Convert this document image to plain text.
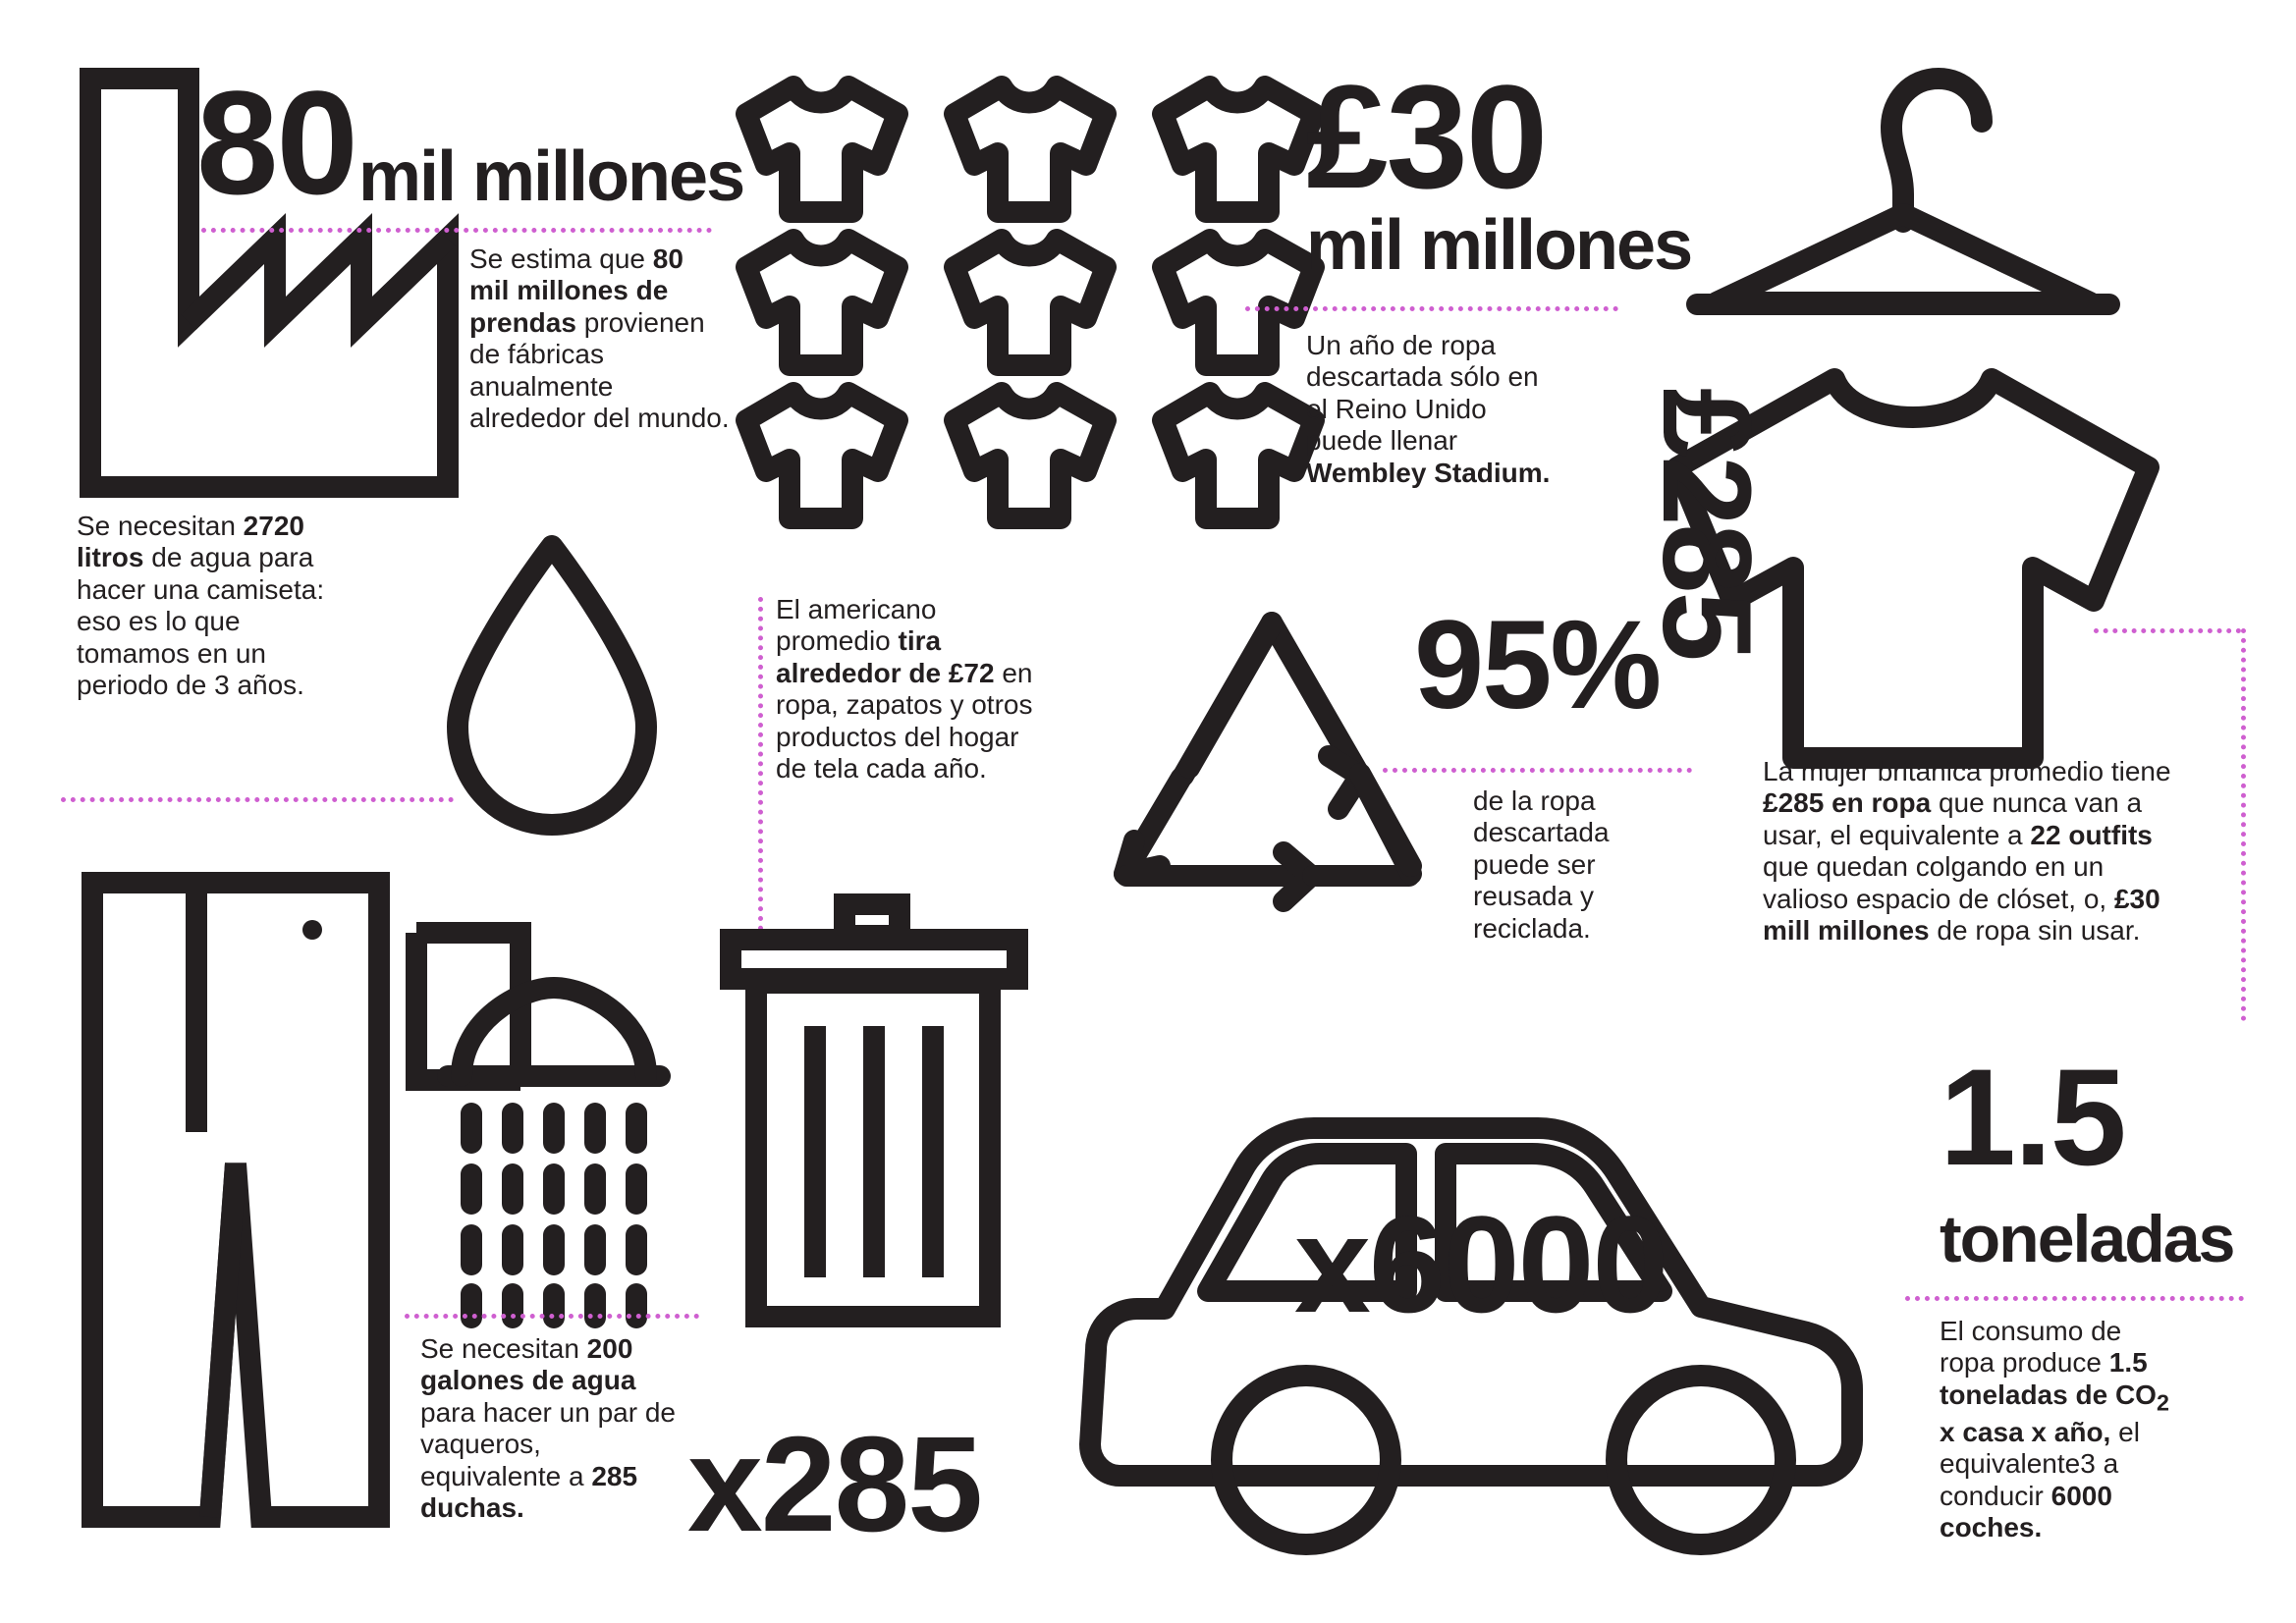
80 mil millones
Se estima que 80 mil millones de prendas provienen de fábricas anualmente alrededor del mundo.
Se necesitan 2720 litros de agua para hacer una camiseta: eso es lo que tomamos en un periodo de 3 años.
£30
mil millones
Un año de ropa descartada sólo en el Reino Unido puede llenar Wembley Stadium. £285
La mujer británica promedio tiene £285 en ropa que nunca van a usar, el equivalente a 22 outfits que quedan colgando en un valioso espacio de clóset, o, £30 mill millones de ropa sin usar.
El americano promedio tira alrededor de £72 en ropa, zapatos y otros productos del hogar de tela cada año.
95%
de la ropa descartada puede ser reusada y reciclada.
Se necesitan 200 galones de agua para hacer un par de vaqueros, equivalente a 285 duchas.	x285
x6000
1.5
toneladas
El consumo de ropa produce 1.5 toneladas de $CO_2$ x casa x año, el equivalente3 a conducir 6000 coches.
